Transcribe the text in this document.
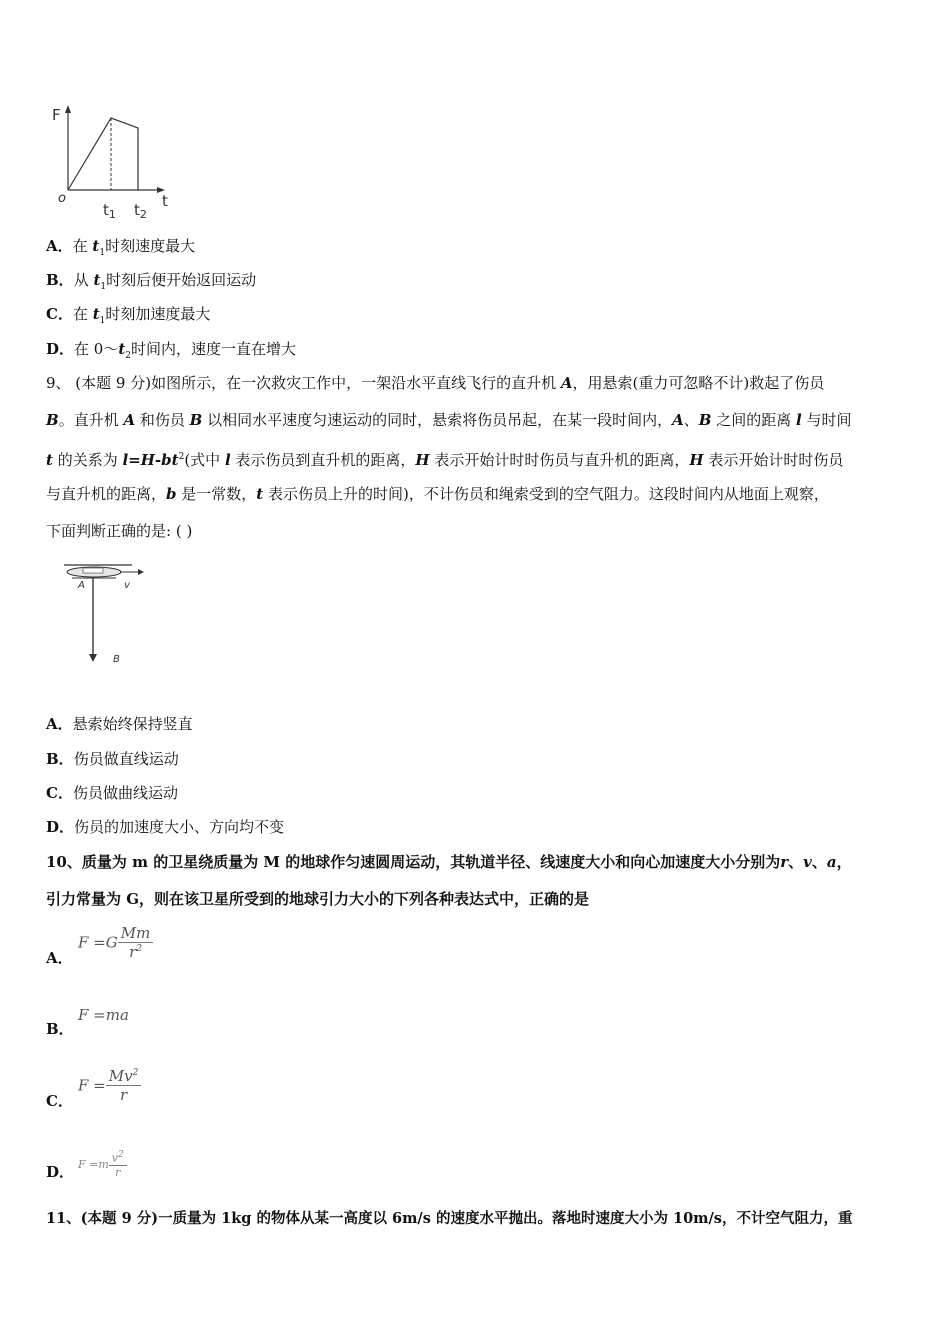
F
o
$t_1$ $t_2$
t
A．在 $t_1$时刻速度最大
B．从 $t_1$时刻后便开始返回运动
C．在 $t_1$时刻加速度最大
D．在 $0\sim t_2$时间内，速度一直在增大
9、 (本题 9 分)如图所示，在一次救灾工作中，一架沿水平直线飞行的直升机 A，用悬索(重力可忽略不计)救起了伤员
B。直升机 A 和伤员 B 以相同水平速度匀速运动的同时，悬索将伤员吊起，在某一段时间内，A、B 之间的距离 l 与时间
t 的关系为 $l=H-bt^2$(式中 l 表示伤员到直升机的距离，H 表示开始计时时伤员与直升机的距离，H 表示开始计时时伤员
与直升机的距离，b 是一常数，t 表示伤员上升的时间)，不计伤员和绳索受到的空气阻力。这段时间内从地面上观察，
下面判断正确的是: ( )
A	v
B
A．悬索始终保持竖直
B．伤员做直线运动
C．伤员做曲线运动
D．伤员的加速度大小、方向均不变
10、质量为 m 的卫星绕质量为 M 的地球作匀速圆周运动，其轨道半径、线速度大小和向心加速度大小分别为r、v、a，
引力常量为 G，则在该卫星所受到的地球引力大小的下列各种表达式中，正确的是
A．
$F =G \frac{Mm}{r^2}$
B．
F =ma
C．
$F = \frac{Mv^2}{r}$
D． $F =m \frac{v^2}{r}$
11、(本题 9 分)一质量为 1kg 的物体从某一高度以 6m/s 的速度水平抛出。落地时速度大小为 10m/s，不计空气阻力，重
